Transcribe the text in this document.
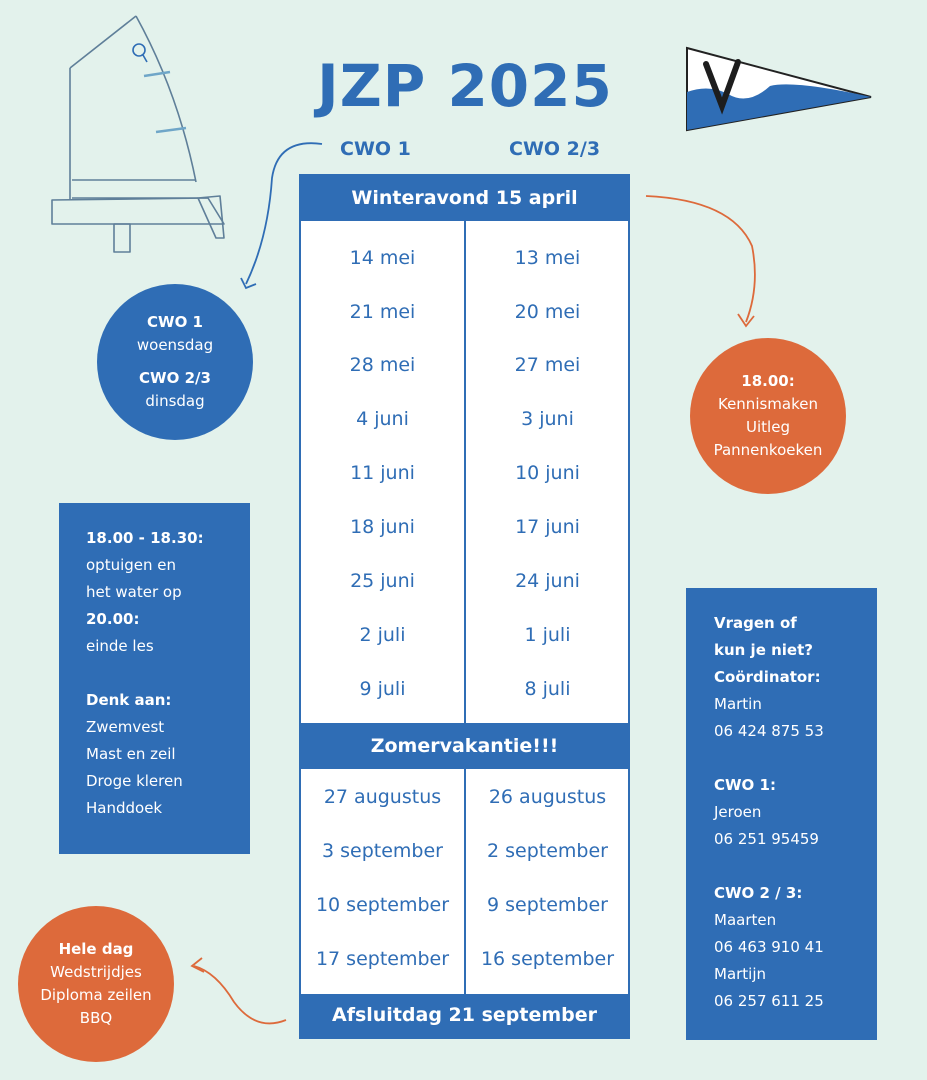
JZP 2025
CWO 1	CWO 2/3
Winteravond 15 april
14 mei	13 mei
21 mei	20 mei
28 mei	27 mei
4 juni	3 juni
11 juni	10 juni
18 juni	17 juni
25 juni	24 juni
2 juli	1 juli
9 juli	8 juli
Zomervakantie!!!
27 augustus	26 augustus
3 september	2 september
10 september	9 september
17 september	16 september
Afsluitdag 21 september
CWO 1
woensdag
CWO 2/3
dinsdag
18.00:
Kennismaken
Uitleg
Pannenkoeken
18.00 - 18.30:
optuigen en
het water op
20.00:
einde les
Denk aan:
Zwemvest
Mast en zeil
Droge kleren
Handdoek
Vragen of
kun je niet?
Coördinator:
Martin
06 424 875 53
CWO 1:
Jeroen
06 251 95459
CWO 2 / 3:
Maarten
06 463 910 41
Martijn
06 257 611 25
Hele dag
Wedstrijdjes
Diploma zeilen
BBQ
